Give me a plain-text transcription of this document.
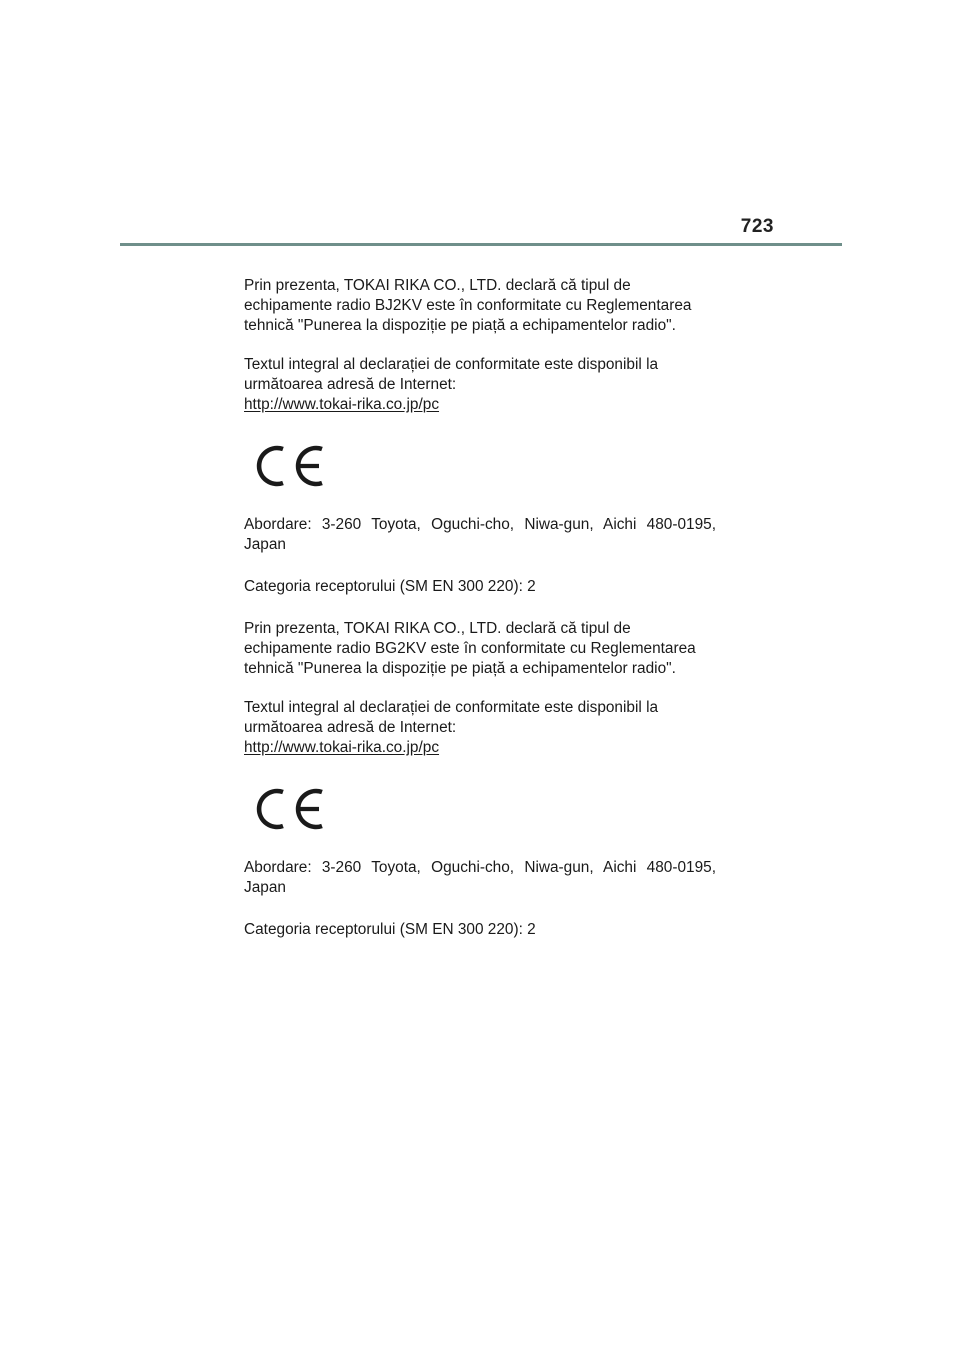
723

Prin prezenta, TOKAI RIKA CO., LTD. declară că tipul de echipamente radio BJ2KV este în conformitate cu Reglementarea tehnică "Punerea la dispoziție pe piață a echipamentelor radio".

Textul integral al declarației de conformitate este disponibil la următoarea adresă de Internet:

http://www.tokai-rika.co.jp/pc

Abordare: 3-260 Toyota, Oguchi-cho, Niwa-gun, Aichi 480-0195, Japan

Categoria receptorului (SM EN 300 220): 2

Prin prezenta, TOKAI RIKA CO., LTD. declară că tipul de echipamente radio BG2KV este în conformitate cu Reglementarea tehnică "Punerea la dispoziție pe piață a echipamentelor radio".

Textul integral al declarației de conformitate este disponibil la următoarea adresă de Internet:

http://www.tokai-rika.co.jp/pc

Abordare: 3-260 Toyota, Oguchi-cho, Niwa-gun, Aichi 480-0195, Japan

Categoria receptorului (SM EN 300 220): 2
